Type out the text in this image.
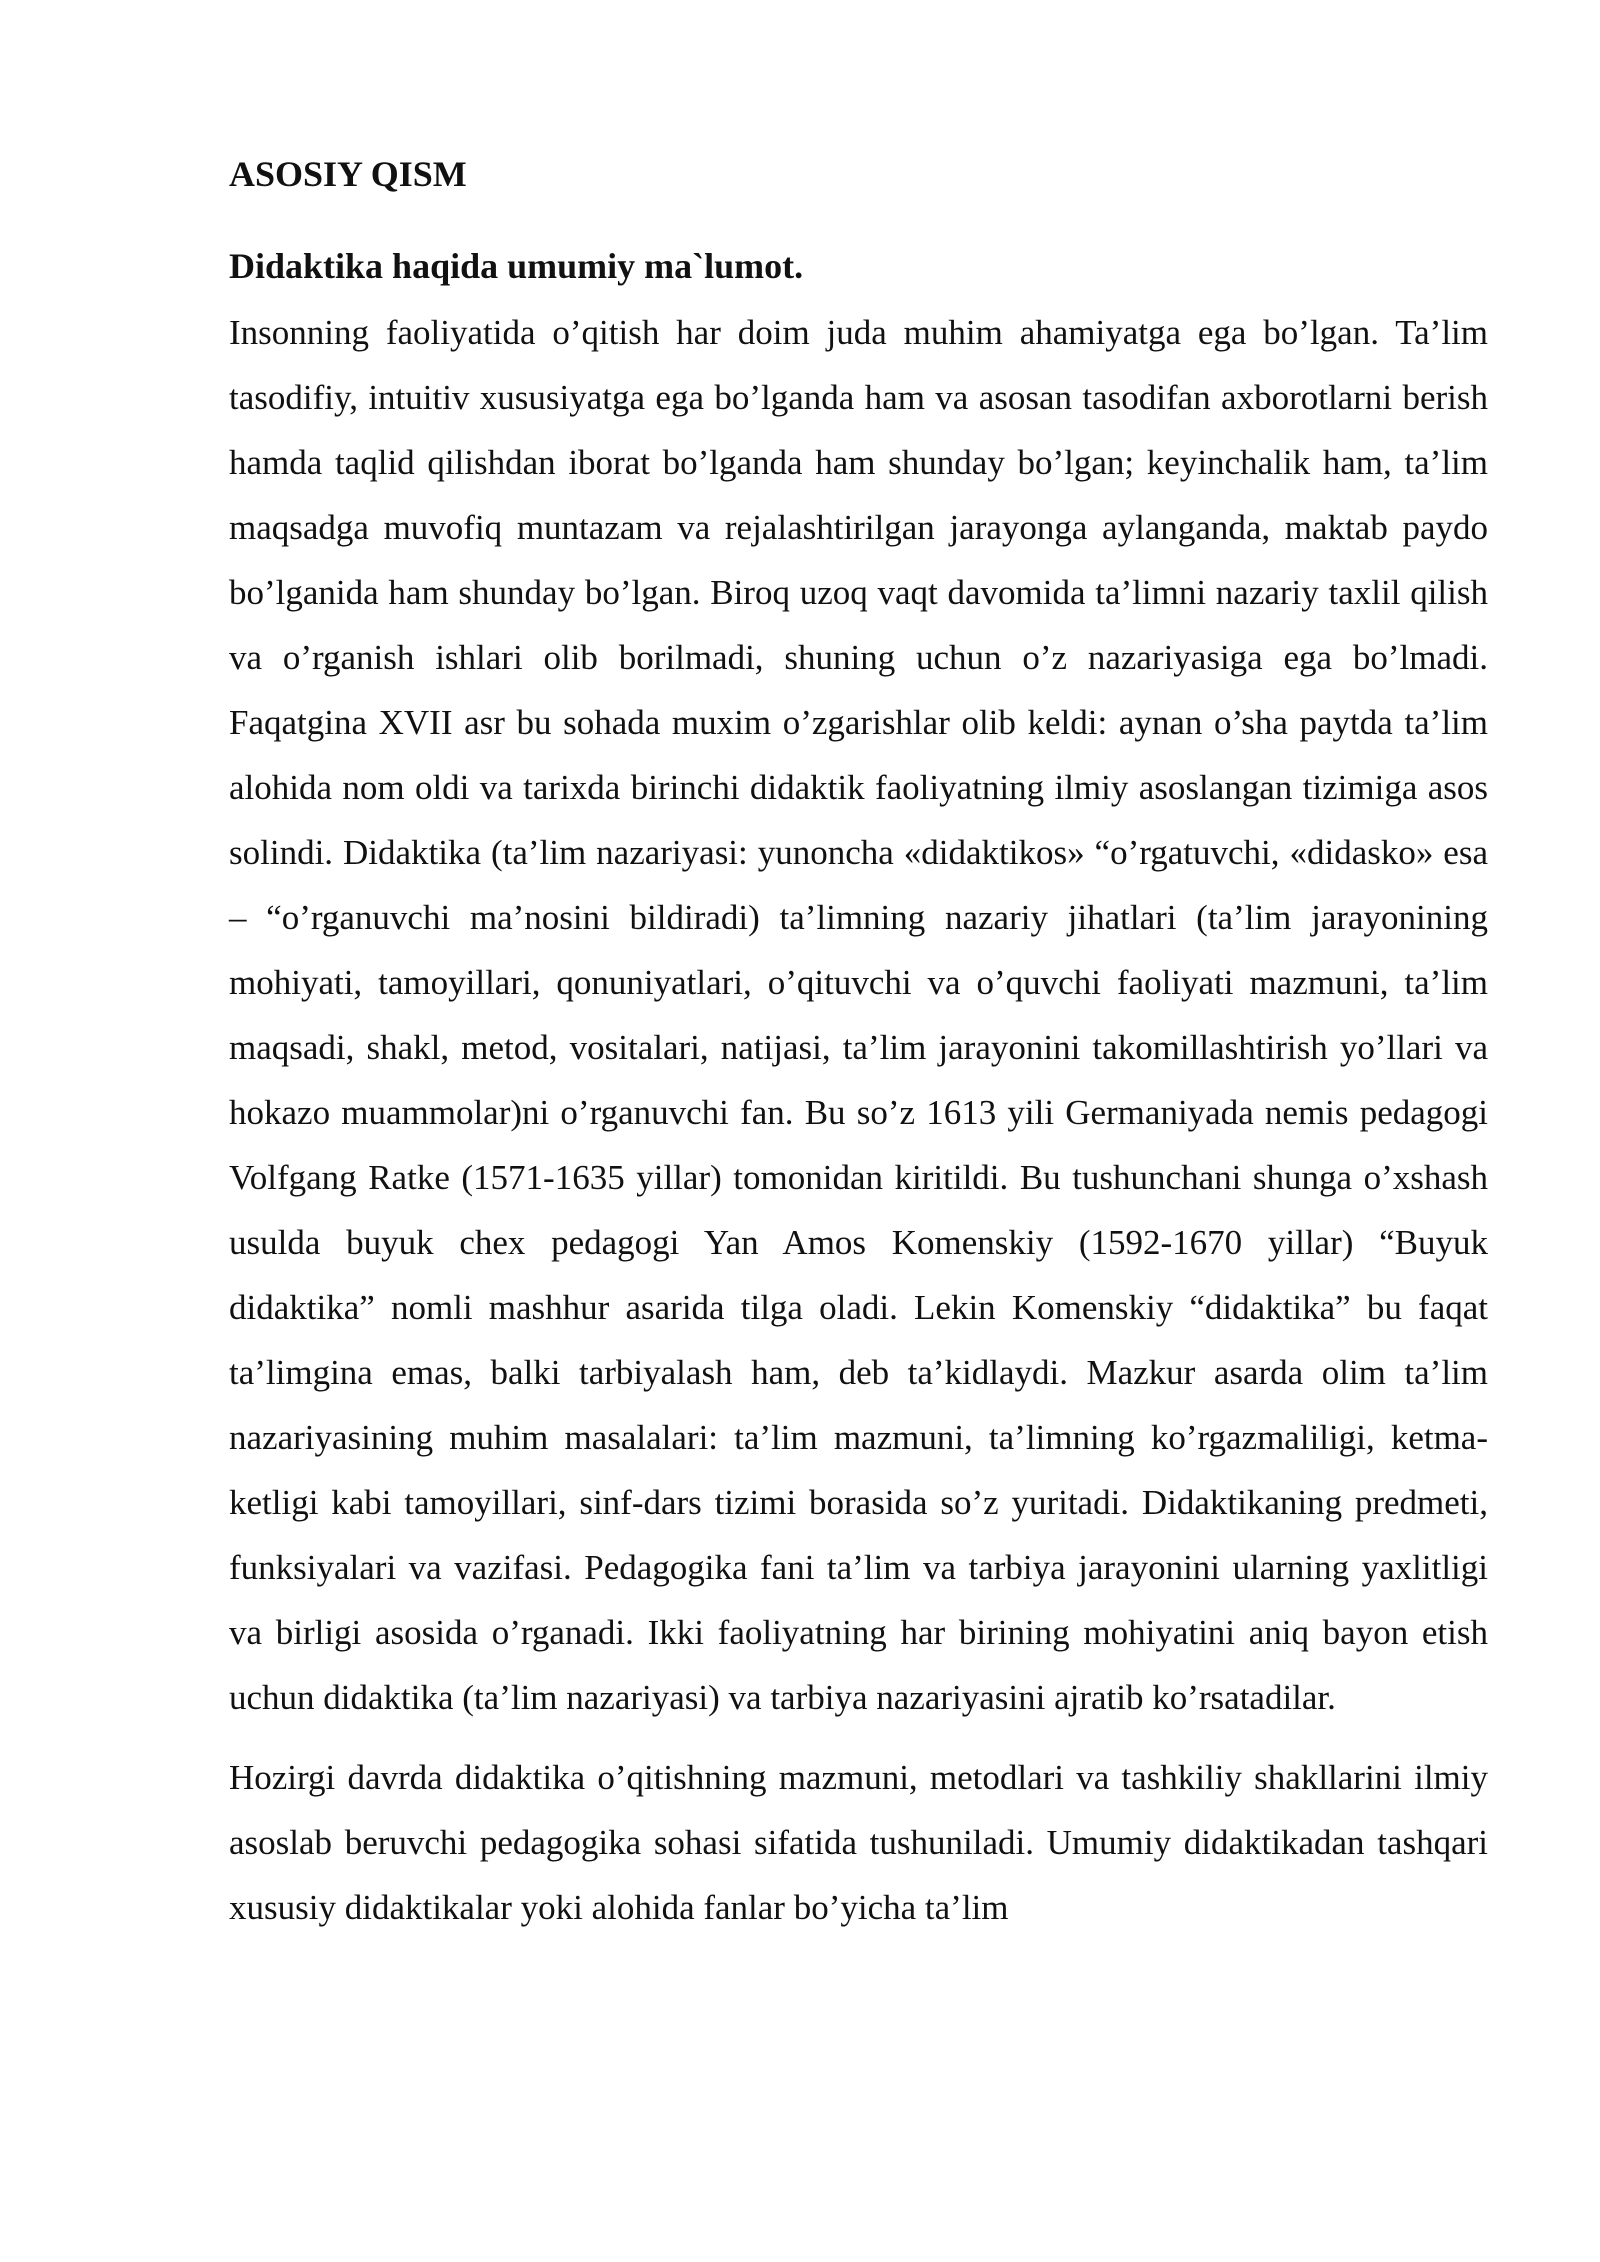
ASOSIY QISM
Didaktika haqida umumiy ma`lumot.

Insonning faoliyatida o’qitish har doim juda muhim ahamiyatga ega bo’lgan. Ta’lim tasodifiy, intuitiv xususiyatga ega bo’lganda ham va asosan tasodifan axborotlarni berish hamda taqlid qilishdan iborat bo’lganda ham shunday bo’lgan; keyinchalik ham, ta’lim maqsadga muvofiq muntazam va rejalashtirilgan jarayonga aylanganda, maktab paydo bo’lganida ham shunday bo’lgan. Biroq uzoq vaqt davomida ta’limni nazariy taxlil qilish va o’rganish ishlari olib borilmadi, shuning uchun o’z nazariyasiga ega bo’lmadi. Faqatgina XVII asr bu sohada muxim o’zgarishlar olib keldi: aynan o’sha paytda ta’lim alohida nom oldi va tarixda birinchi didaktik faoliyatning ilmiy asoslangan tizimiga asos solindi. Didaktika (ta’lim nazariyasi: yunoncha «didaktikos» “o’rgatuvchi, «didasko» esa – “o’rganuvchi ma’nosini bildiradi) ta’limning nazariy jihatlari (ta’lim jarayonining mohiyati, tamoyillari, qonuniyatlari, o’qituvchi va o’quvchi faoliyati mazmuni, ta’lim maqsadi, shakl, metod, vositalari, natijasi, ta’lim jarayonini takomillashtirish yo’llari va hokazo muammolar)ni o’rganuvchi fan. Bu so’z 1613 yili Germaniyada nemis pedagogi Volfgang Ratke (1571-1635 yillar) tomonidan kiritildi. Bu tushunchani shunga o’xshash usulda buyuk chex pedagogi Yan Amos Komenskiy (1592-1670 yillar) “Buyuk didaktika” nomli mashhur asarida tilga oladi. Lekin Komenskiy “didaktika” bu faqat ta’limgina emas, balki tarbiyalash ham, deb ta’kidlaydi. Mazkur asarda olim ta’lim nazariyasining muhim masalalari: ta’lim mazmuni, ta’limning ko’rgazmaliligi, ketma-ketligi kabi tamoyillari, sinf-dars tizimi borasida so’z yuritadi. Didaktikaning predmeti, funksiyalari va vazifasi. Pedagogika fani ta’lim va tarbiya jarayonini ularning yaxlitligi va birligi asosida o’rganadi. Ikki faoliyatning har birining mohiyatini aniq bayon etish uchun didaktika (ta’lim nazariyasi) va tarbiya nazariyasini ajratib ko’rsatadilar.

Hozirgi davrda didaktika o’qitishning mazmuni, metodlari va tashkiliy shakllarini ilmiy asoslab beruvchi pedagogika sohasi sifatida tushuniladi. Umumiy didaktikadan tashqari xususiy didaktikalar yoki alohida fanlar bo’yicha ta’lim
